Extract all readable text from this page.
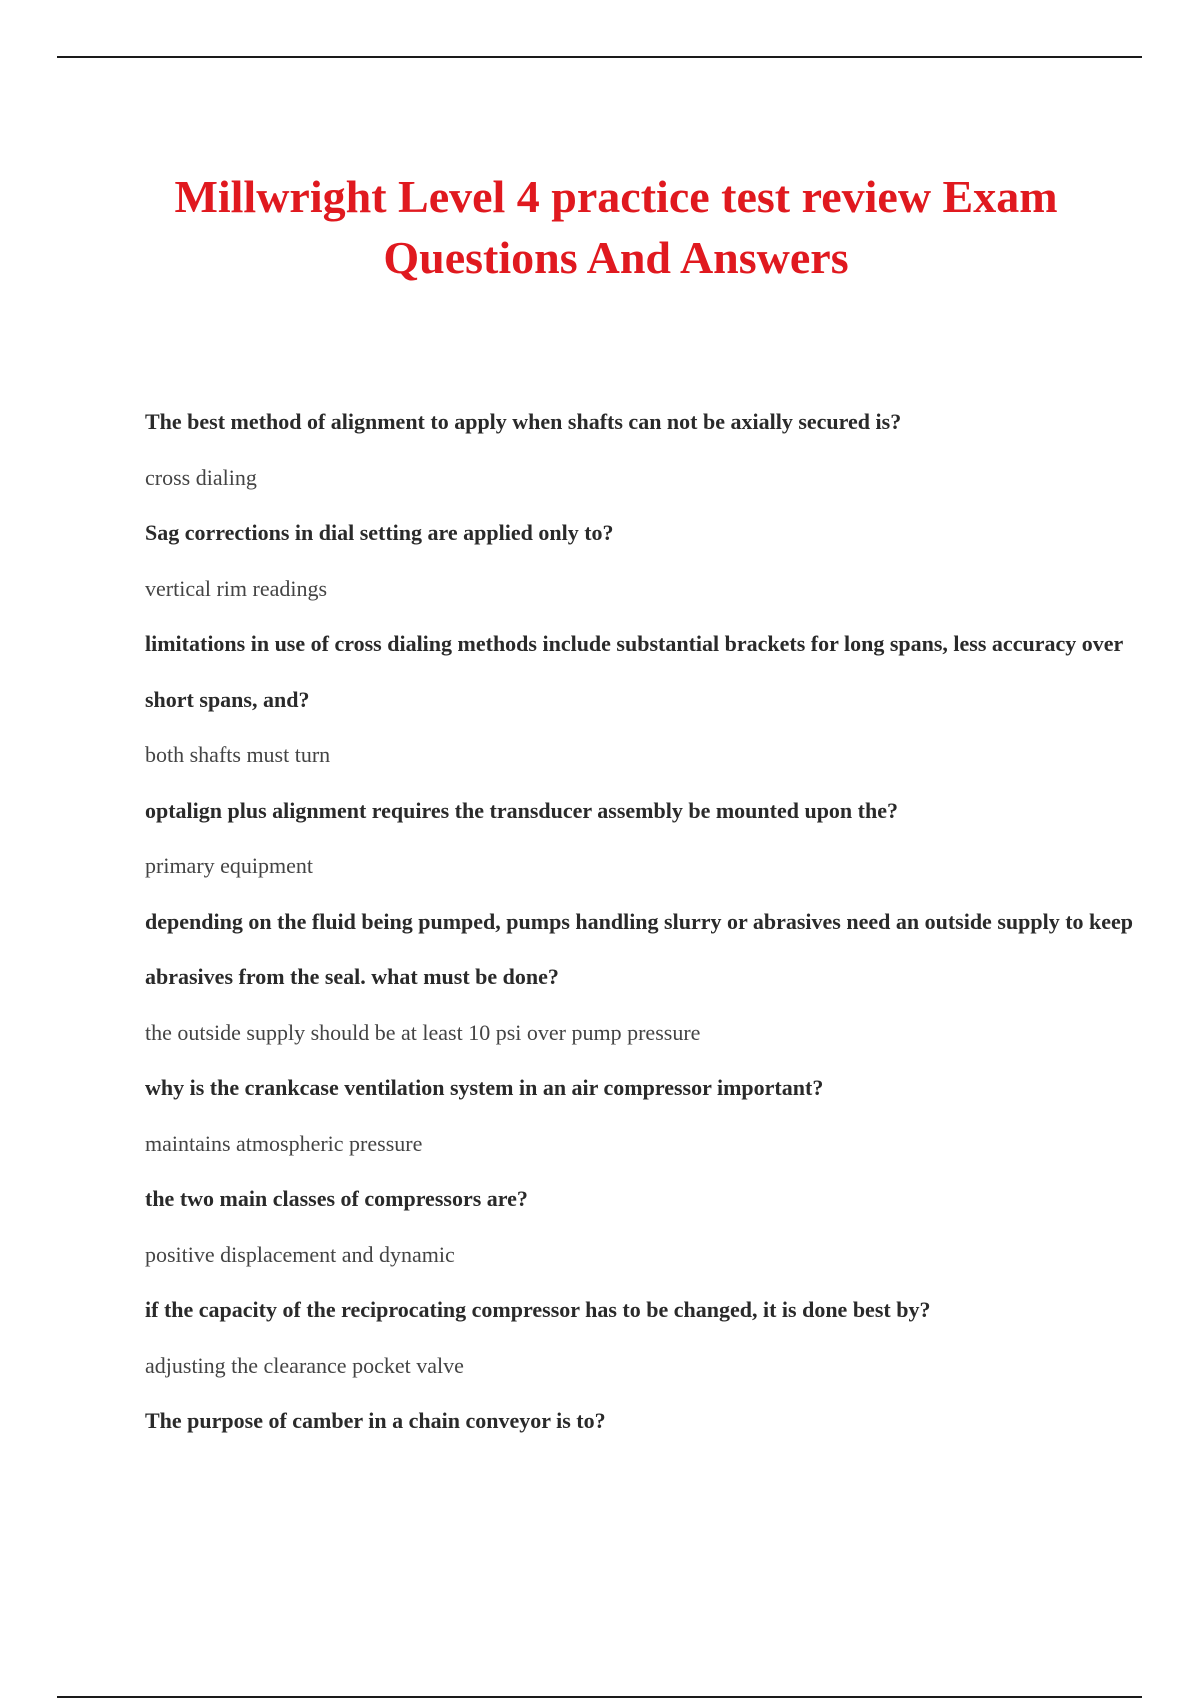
Millwright Level 4 practice test review Exam Questions And Answers

The best method of alignment to apply when shafts can not be axially secured is?

cross dialing

Sag corrections in dial setting are applied only to?

vertical rim readings

limitations in use of cross dialing methods include substantial brackets for long spans, less accuracy over short spans, and?

both shafts must turn

optalign plus alignment requires the transducer assembly be mounted upon the?

primary equipment

depending on the fluid being pumped, pumps handling slurry or abrasives need an outside supply to keep abrasives from the seal. what must be done?

the outside supply should be at least 10 psi over pump pressure

why is the crankcase ventilation system in an air compressor important?

maintains atmospheric pressure

the two main classes of compressors are?

positive displacement and dynamic

if the capacity of the reciprocating compressor has to be changed, it is done best by?

adjusting the clearance pocket valve

The purpose of camber in a chain conveyor is to?
